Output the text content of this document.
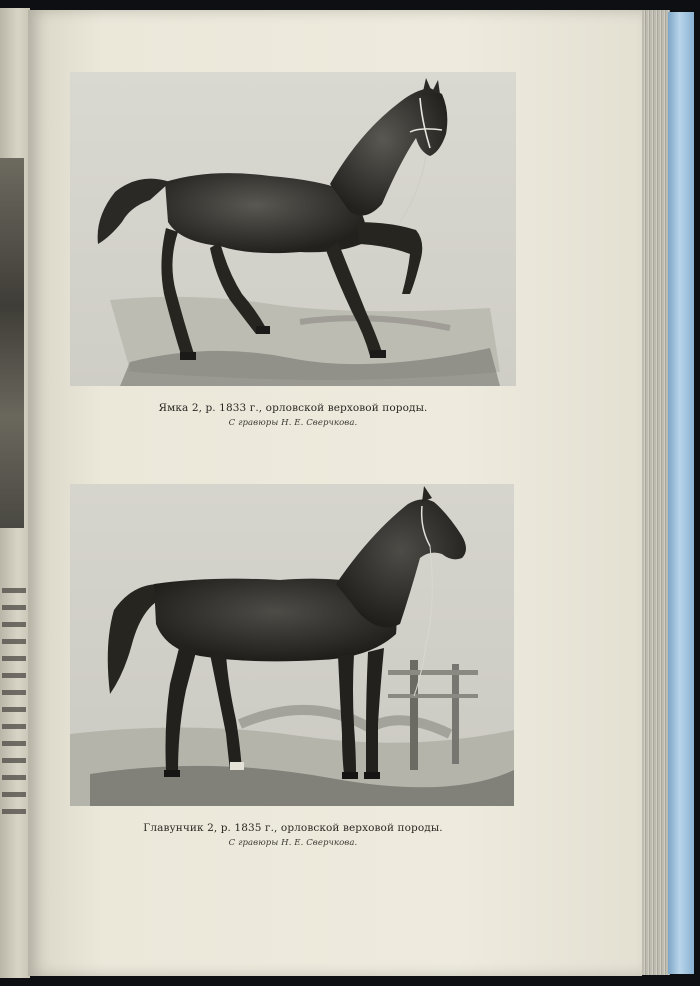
Ямка 2, р. 1833 г., орловской верховой породы.
С гравюры Н. Е. Сверчкова.
Главунчик 2, р. 1835 г., орловской верховой породы.
С гравюры Н. Е. Сверчкова.
